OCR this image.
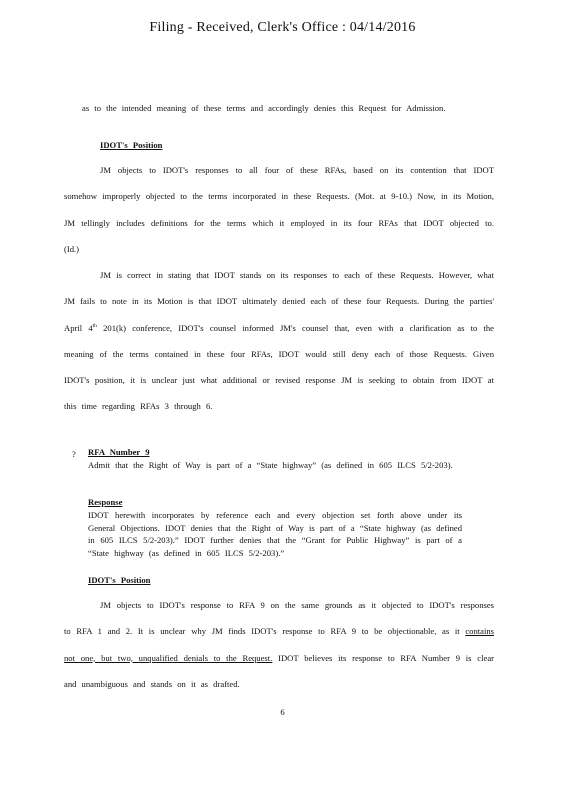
Filing - Received, Clerk's Office : 04/14/2016
as to the intended meaning of these terms and accordingly denies this Request for Admission.
IDOT's Position
JM objects to IDOT's responses to all four of these RFAs, based on its contention that IDOT somehow improperly objected to the terms incorporated in these Requests. (Mot. at 9-10.) Now, in its Motion, JM tellingly includes definitions for the terms which it employed in its four RFAs that IDOT objected to. (Id.)
JM is correct in stating that IDOT stands on its responses to each of these Requests. However, what JM fails to note in its Motion is that IDOT ultimately denied each of these four Requests. During the parties' April 4th 201(k) conference, IDOT's counsel informed JM's counsel that, even with a clarification as to the meaning of the terms contained in these four RFAs, IDOT would still deny each of those Requests. Given IDOT's position, it is unclear just what additional or revised response JM is seeking to obtain from IDOT at this time regarding RFAs 3 through 6.
? RFA Number 9
Admit that the Right of Way is part of a “State highway” (as defined in 605 ILCS 5/2-203).
Response
IDOT herewith incorporates by reference each and every objection set forth above under its General Objections. IDOT denies that the Right of Way is part of a “State highway (as defined in 605 ILCS 5/2-203).” IDOT further denies that the “Grant for Public Highway” is part of a “State highway (as defined in 605 ILCS 5/2-203).”
IDOT's Position
JM objects to IDOT's response to RFA 9 on the same grounds as it objected to IDOT's responses to RFA 1 and 2. It is unclear why JM finds IDOT's response to RFA 9 to be objectionable, as it contains not one, but two, unqualified denials to the Request. IDOT believes its response to RFA Number 9 is clear and unambiguous and stands on it as drafted.
6
